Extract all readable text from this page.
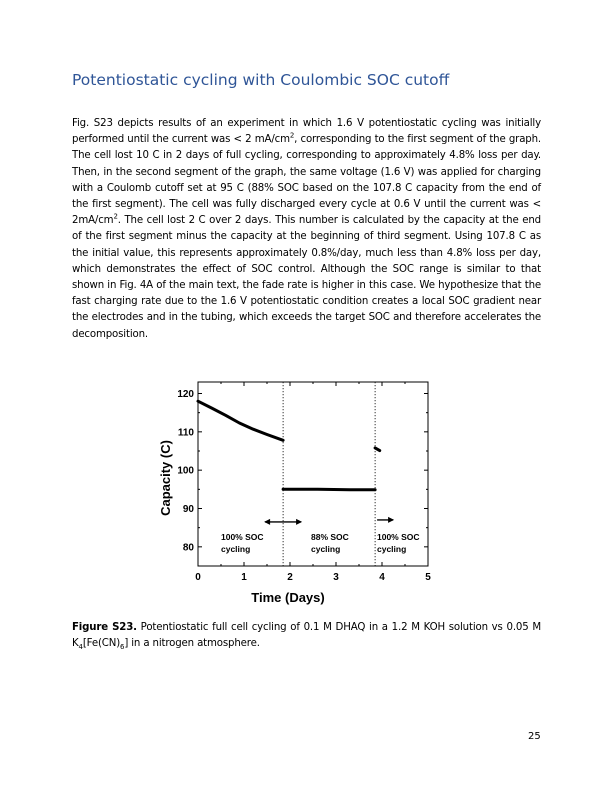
Potentiostatic cycling with Coulombic SOC cutoff

Fig. S23 depicts results of an experiment in which 1.6 V potentiostatic cycling was initially performed until the current was < 2 $mA/cm^2$, corresponding to the first segment of the graph. The cell lost 10 C in 2 days of full cycling, corresponding to approximately 4.8% loss per day. Then, in the second segment of the graph, the same voltage (1.6 V) was applied for charging with a Coulomb cutoff set at 95 C (88% SOC based on the 107.8 C capacity from the end of the first segment). The cell was fully discharged every cycle at 0.6 V until the current was < $2mA/cm^2$. The cell lost 2 C over 2 days. This number is calculated by the capacity at the end of the first segment minus the capacity at the beginning of third segment. Using 107.8 C as the initial value, this represents approximately 0.8%/day, much less than 4.8% loss per day, which demonstrates the effect of SOC control. Although the SOC range is similar to that shown in Fig. 4A of the main text, the fade rate is higher in this case. We hypothesize that the fast charging rate due to the 1.6 V potentiostatic condition creates a local SOC gradient near the electrodes and in the tubing, which exceeds the target SOC and therefore accelerates the decomposition.

Capacity (C)
Time (Days)
0	1	2	3	4	5
80
90
100
110
120
100% SOC
cycling
88% SOC
cycling
100% SOC
cycling

Figure S23. Potentiostatic full cell cycling of 0.1 M DHAQ in a 1.2 M KOH solution vs 0.05 M $K_4[Fe(CN)_6]$ in a nitrogen atmosphere.

25
